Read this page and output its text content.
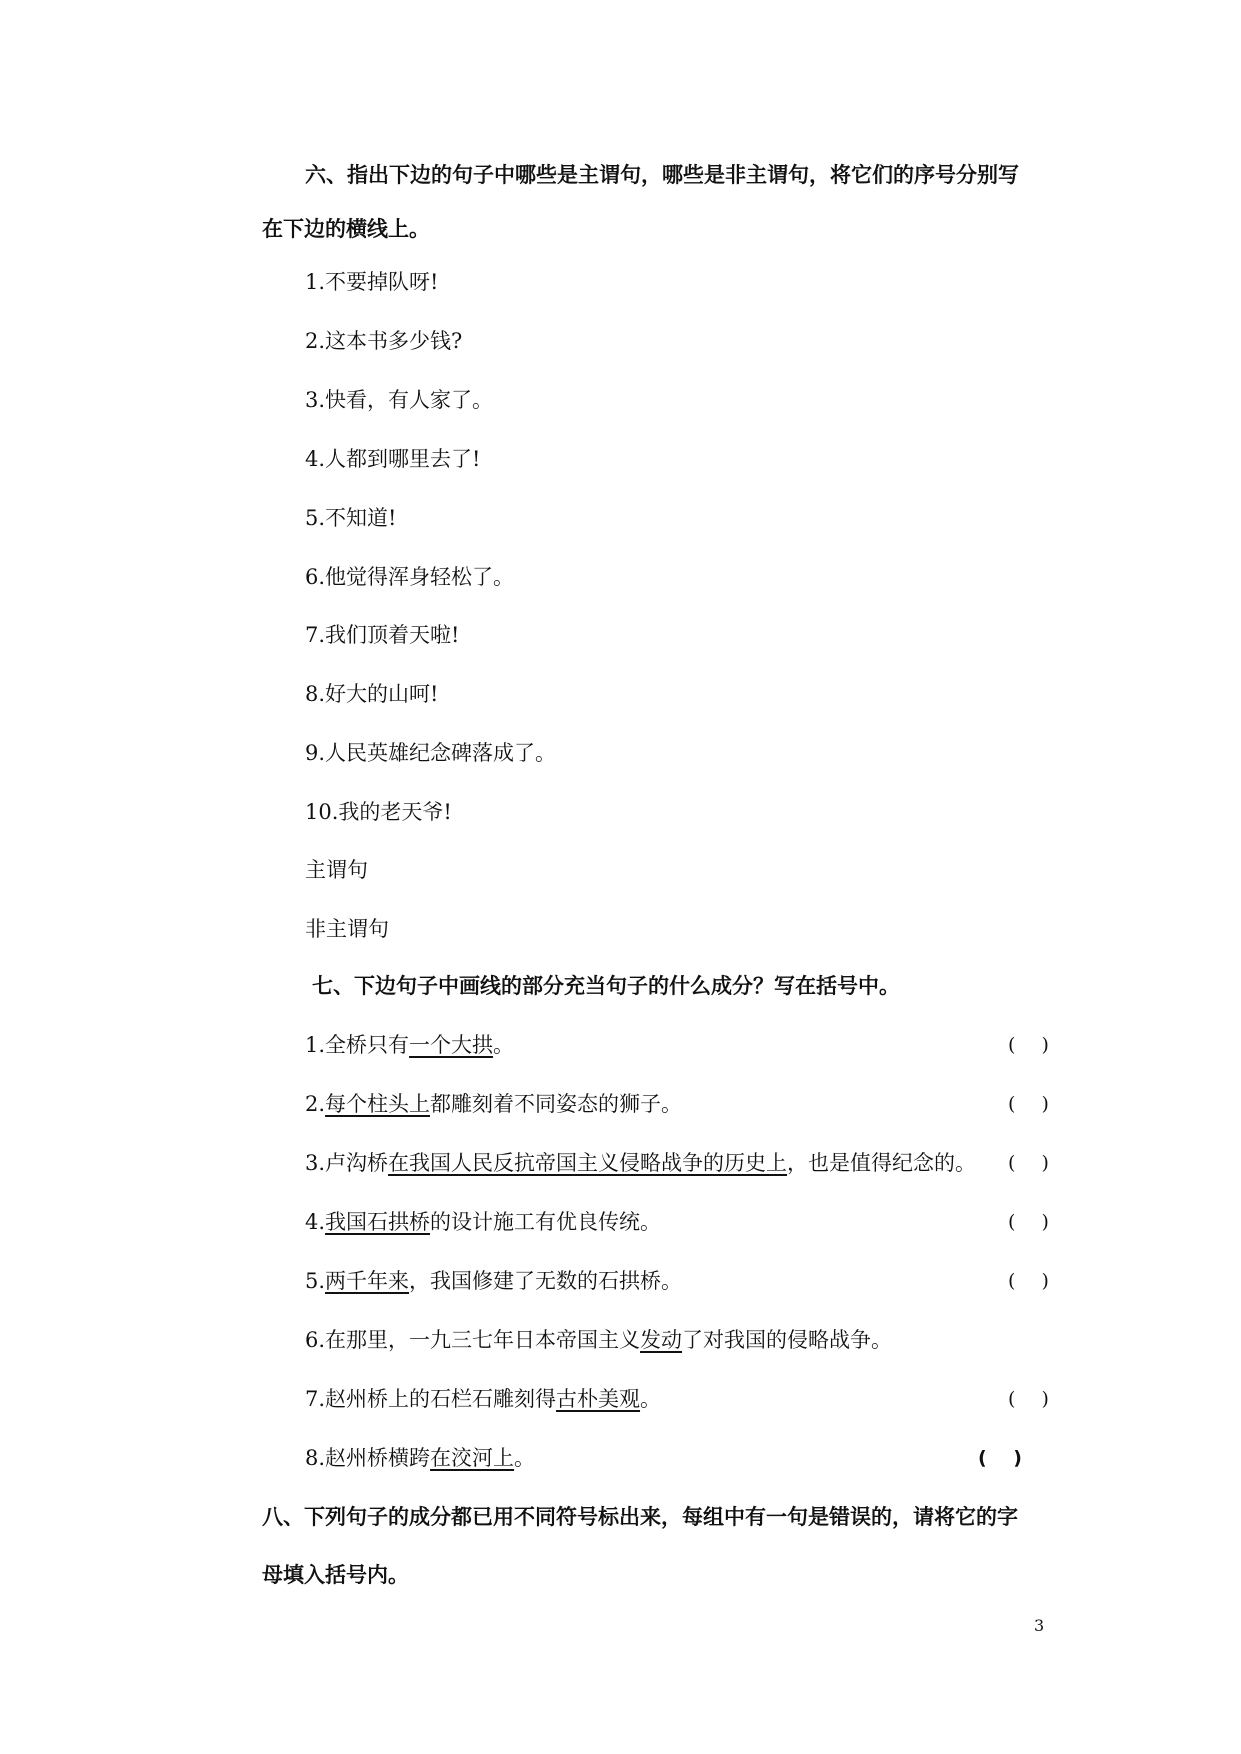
六、指出下边的句子中哪些是主谓句，哪些是非主谓句，将它们的序号分别写
在下边的横线上。
1.不要掉队呀!
2.这本书多少钱?
3.快看，有人家了。
4.人都到哪里去了!
5.不知道!
6.他觉得浑身轻松了。
7.我们顶着天啦!
8.好大的山呵!
9.人民英雄纪念碑落成了。
10.我的老天爷!
主谓句
非主谓句
七、下边句子中画线的部分充当句子的什么成分？写在括号中。
1.全桥只有一个大拱。	( )
2.每个柱头上都雕刻着不同姿态的狮子。	( )
3.卢沟桥在我国人民反抗帝国主义侵略战争的历史上，也是值得纪念的。 ( )
4.我国石拱桥的设计施工有优良传统。	( )
5.两千年来，我国修建了无数的石拱桥。	( )
6.在那里，一九三七年日本帝国主义发动了对我国的侵略战争。
7.赵州桥上的石栏石雕刻得古朴美观。	( )
8.赵州桥横跨在洨河上。	( )
八、下列句子的成分都已用不同符号标出来，每组中有一句是错误的，请将它的字
母填入括号内。
3
